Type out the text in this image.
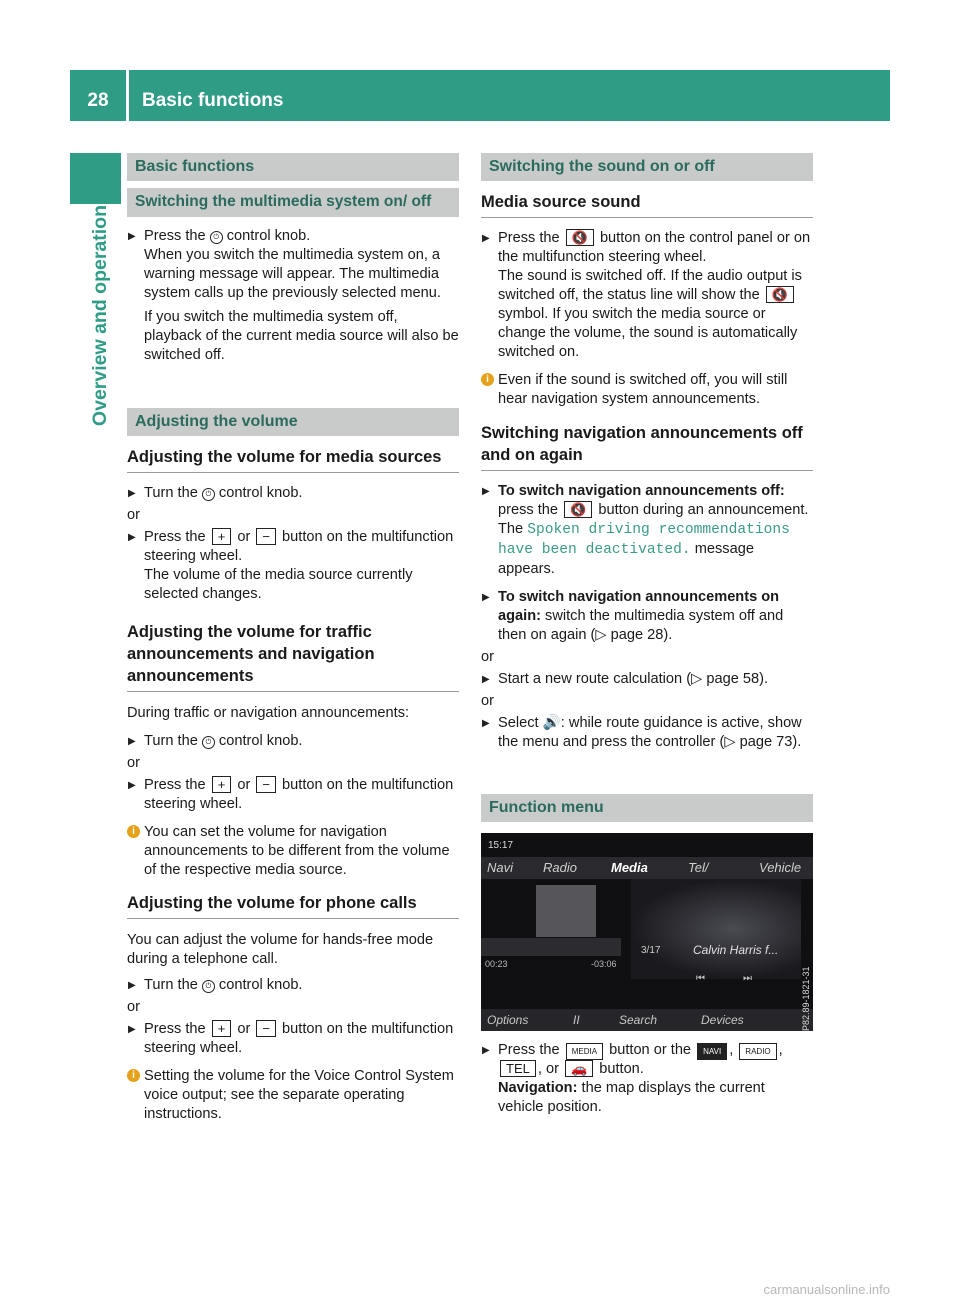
28	Basic functions
Overview and operation
Basic functions
Switching the multimedia system on/ off
▶ Press the ⏻ control knob.
When you switch the multimedia system on, a warning message will appear. The multimedia system calls up the previously selected menu.
If you switch the multimedia system off, playback of the current media source will also be switched off.
Adjusting the volume
Adjusting the volume for media sources
▶ Turn the ⏻ control knob.
or
▶ Press the + or − button on the multifunction steering wheel.
The volume of the media source currently selected changes.
Adjusting the volume for traffic announcements and navigation announcements
During traffic or navigation announcements:
▶ Turn the ⏻ control knob.
or
▶ Press the + or − button on the multifunction steering wheel.
i You can set the volume for navigation announcements to be different from the volume of the respective media source.
Adjusting the volume for phone calls
You can adjust the volume for hands-free mode during a telephone call.
▶ Turn the ⏻ control knob.
or
▶ Press the + or − button on the multifunction steering wheel.
i Setting the volume for the Voice Control System voice output; see the separate operating instructions.
Switching the sound on or off
Media source sound
▶ Press the 🔇 button on the control panel or on the multifunction steering wheel.
The sound is switched off. If the audio output is switched off, the status line will show the 🔇 symbol. If you switch the media source or change the volume, the sound is automatically switched on.
i Even if the sound is switched off, you will still hear navigation system announcements.
Switching navigation announcements off and on again
▶ To switch navigation announcements off: press the 🔇 button during an announcement.
The Spoken driving recommendations have been deactivated. message appears.
▶ To switch navigation announcements on again: switch the multimedia system off and then on again (▷ page 28).
or
▶ Start a new route calculation (▷ page 58).
or
▶ Select 🔊: while route guidance is active, show the menu and press the controller (▷ page 73).
Function menu
15:17
Navi Radio	Media	Tel/	Vehicle
00:23	-03:06
3/17	Calvin Harris f...
⏮	⏭
Options	II	Search	Devices	P82.89-1821-31
▶ Press the MEDIA button or the NAVI , RADIO , TEL , or 🚗 button.
Navigation: the map displays the current vehicle position.
carmanualsonline.info
